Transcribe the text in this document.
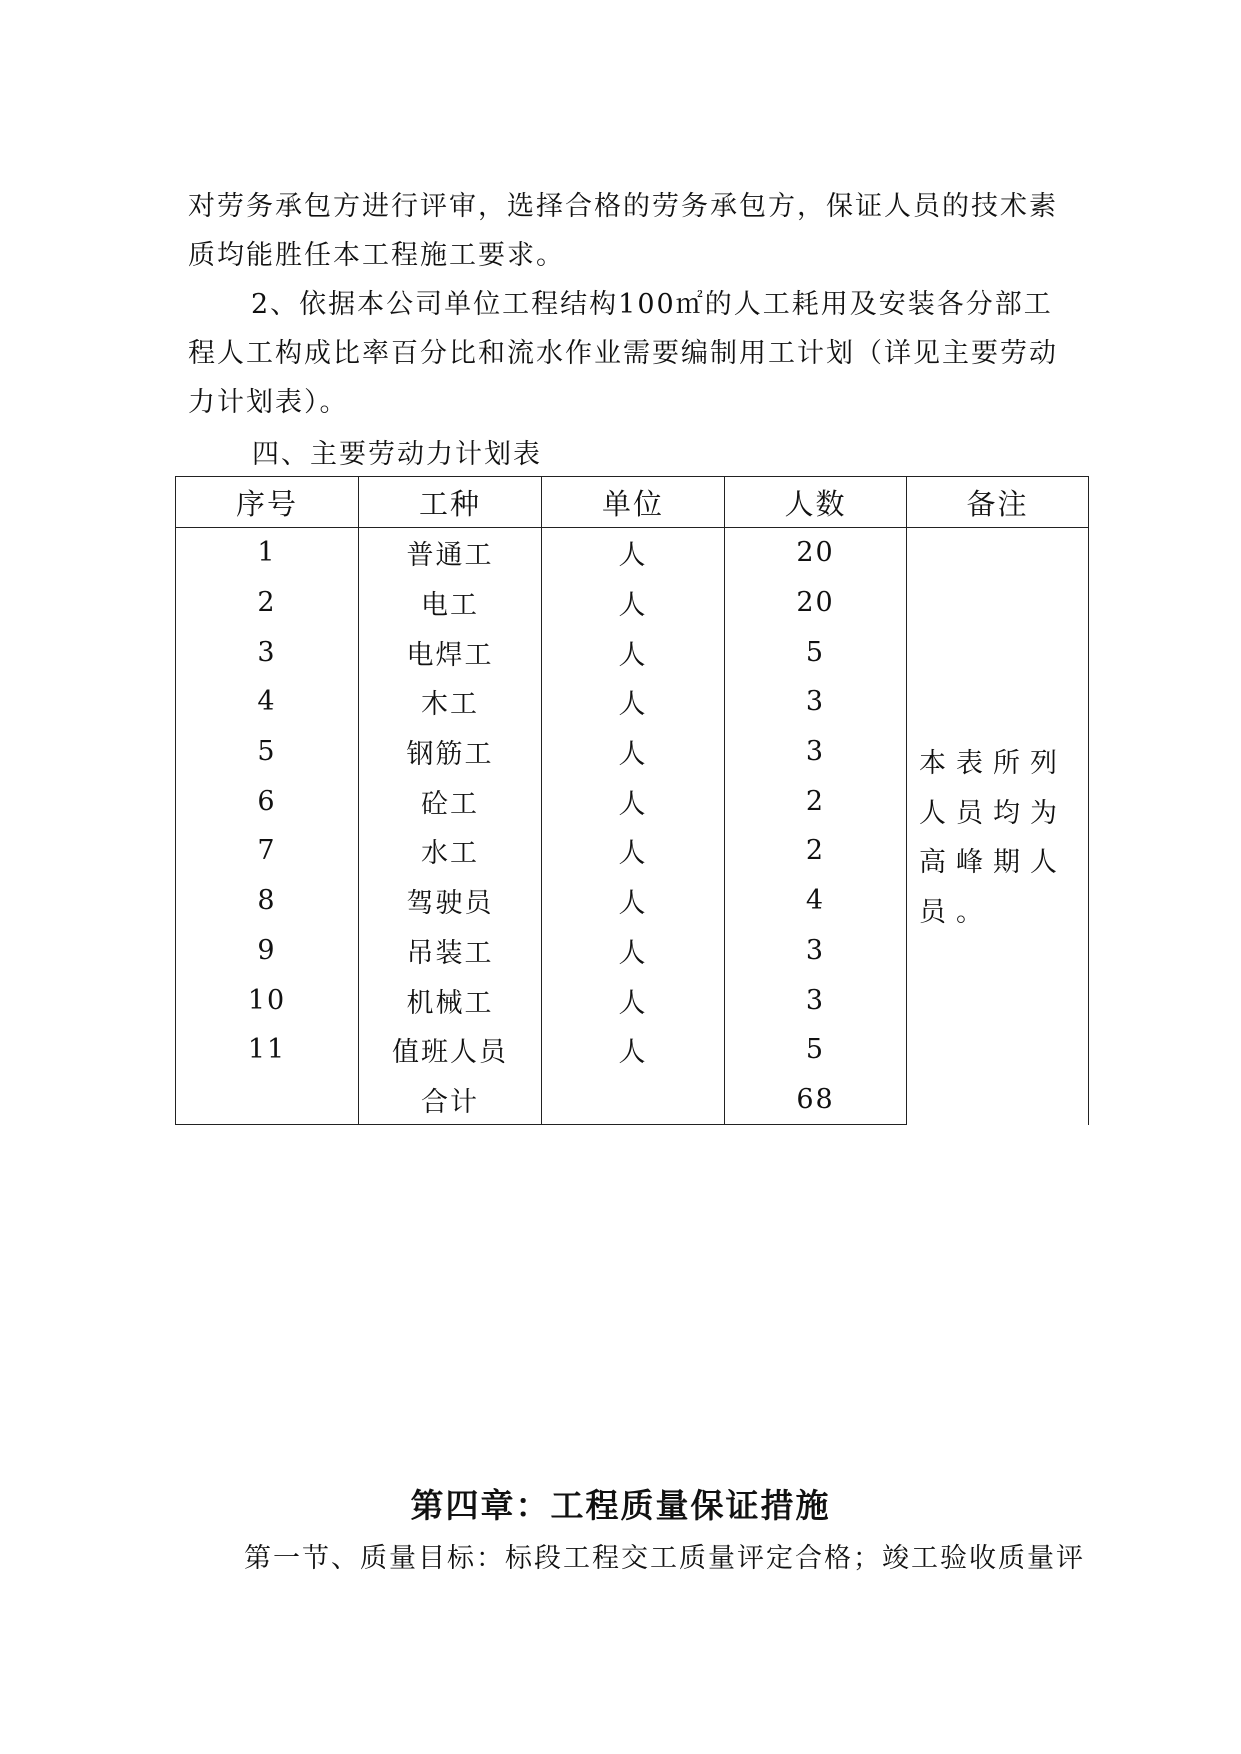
对劳务承包方进行评审，选择合格的劳务承包方，保证人员的技术素质均能胜任本工程施工要求。

2、依据本公司单位工程结构100㎡的人工耗用及安装各分部工程人工构成比率百分比和流水作业需要编制用工计划（详见主要劳动力计划表）。

四、主要劳动力计划表
序号	工种	单位	人数	备注
1	普通工	人	20	本表所列人员均为高峰期人员。

2	电工	人	20	
3	电焊工	人	5	
4	木工	人	3	
5	钢筋工	人	3	
6	砼工	人	2	
7	水工	人	2	
8	驾驶员	人	4	
9	吊装工	人	3	
10	机械工	人	3	
11	值班人员	人	5	
	合计		68	
第四章：工程质量保证措施
第一节、质量目标：标段工程交工质量评定合格；竣工验收质量评
